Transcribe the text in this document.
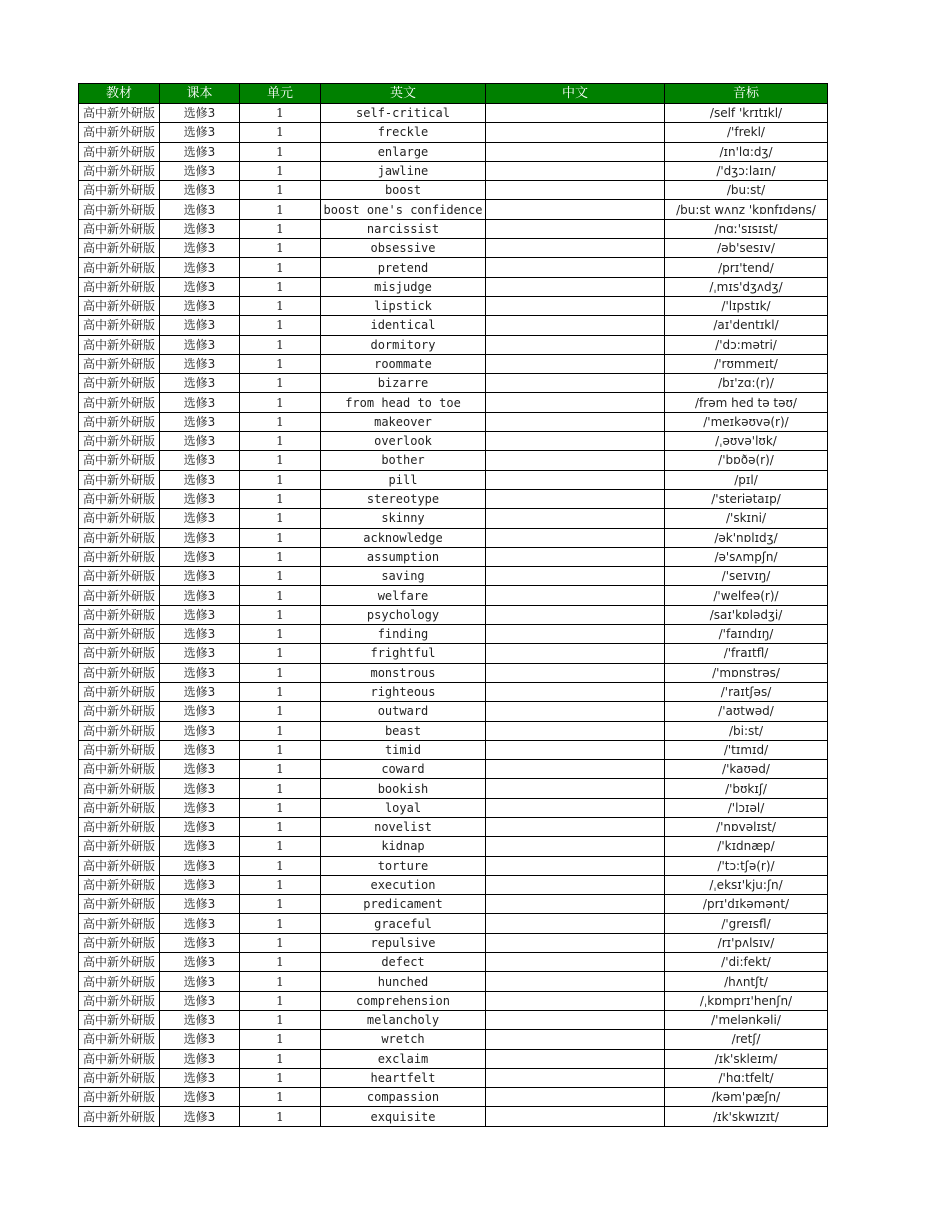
教材	课本	单元	英文	中文	音标
高中新外研版	选修3	1	self-critical		/self 'krɪtɪkl/
高中新外研版	选修3	1	freckle		/'frekl/
高中新外研版	选修3	1	enlarge		/ɪn'lɑ:dʒ/
高中新外研版	选修3	1	jawline		/'dʒɔ:laɪn/
高中新外研版	选修3	1	boost		/bu:st/
高中新外研版	选修3	1	boost one's confidence		/bu:st wʌnz 'kɒnfɪdəns/
高中新外研版	选修3	1	narcissist		/nɑː'sɪsɪst/
高中新外研版	选修3	1	obsessive		/əb'sesɪv/
高中新外研版	选修3	1	pretend		/prɪ'tend/
高中新外研版	选修3	1	misjudge		/ˌmɪs'dʒʌdʒ/
高中新外研版	选修3	1	lipstick		/'lɪpstɪk/
高中新外研版	选修3	1	identical		/aɪ'dentɪkl/
高中新外研版	选修3	1	dormitory		/'dɔ:mətri/
高中新外研版	选修3	1	roommate		/'rʊmmeɪt/
高中新外研版	选修3	1	bizarre		/bɪ'zɑ:(r)/
高中新外研版	选修3	1	from head to toe		/frəm hed tə təʊ/
高中新外研版	选修3	1	makeover		/'meɪkəʊvə(r)/
高中新外研版	选修3	1	overlook		/ˌəʊvə'lʊk/
高中新外研版	选修3	1	bother		/'bɒðə(r)/
高中新外研版	选修3	1	pill		/pɪl/
高中新外研版	选修3	1	stereotype		/'steriətaɪp/
高中新外研版	选修3	1	skinny		/'skɪni/
高中新外研版	选修3	1	acknowledge		/ək'nɒlɪdʒ/
高中新外研版	选修3	1	assumption		/ə'sʌmpʃn/
高中新外研版	选修3	1	saving		/'seɪvɪŋ/
高中新外研版	选修3	1	welfare		/'welfeə(r)/
高中新外研版	选修3	1	psychology		/saɪ'kɒlədʒi/
高中新外研版	选修3	1	finding		/'faɪndɪŋ/
高中新外研版	选修3	1	frightful		/'fraɪtfl/
高中新外研版	选修3	1	monstrous		/'mɒnstrəs/
高中新外研版	选修3	1	righteous		/'raɪtʃəs/
高中新外研版	选修3	1	outward		/'aʊtwəd/
高中新外研版	选修3	1	beast		/bi:st/
高中新外研版	选修3	1	timid		/'tɪmɪd/
高中新外研版	选修3	1	coward		/'kaʊəd/
高中新外研版	选修3	1	bookish		/'bʊkɪʃ/
高中新外研版	选修3	1	loyal		/'lɔɪəl/
高中新外研版	选修3	1	novelist		/'nɒvəlɪst/
高中新外研版	选修3	1	kidnap		/'kɪdnæp/
高中新外研版	选修3	1	torture		/'tɔ:tʃə(r)/
高中新外研版	选修3	1	execution		/ˌeksɪ'kju:ʃn/
高中新外研版	选修3	1	predicament		/prɪ'dɪkəmənt/
高中新外研版	选修3	1	graceful		/'greɪsfl/
高中新外研版	选修3	1	repulsive		/rɪ'pʌlsɪv/
高中新外研版	选修3	1	defect		/'di:fekt/
高中新外研版	选修3	1	hunched		/hʌntʃt/
高中新外研版	选修3	1	comprehension		/ˌkɒmprɪ'henʃn/
高中新外研版	选修3	1	melancholy		/'melənkəli/
高中新外研版	选修3	1	wretch		/retʃ/
高中新外研版	选修3	1	exclaim		/ɪk'skleɪm/
高中新外研版	选修3	1	heartfelt		/'hɑ:tfelt/
高中新外研版	选修3	1	compassion		/kəm'pæʃn/
高中新外研版	选修3	1	exquisite		/ɪk'skwɪzɪt/
